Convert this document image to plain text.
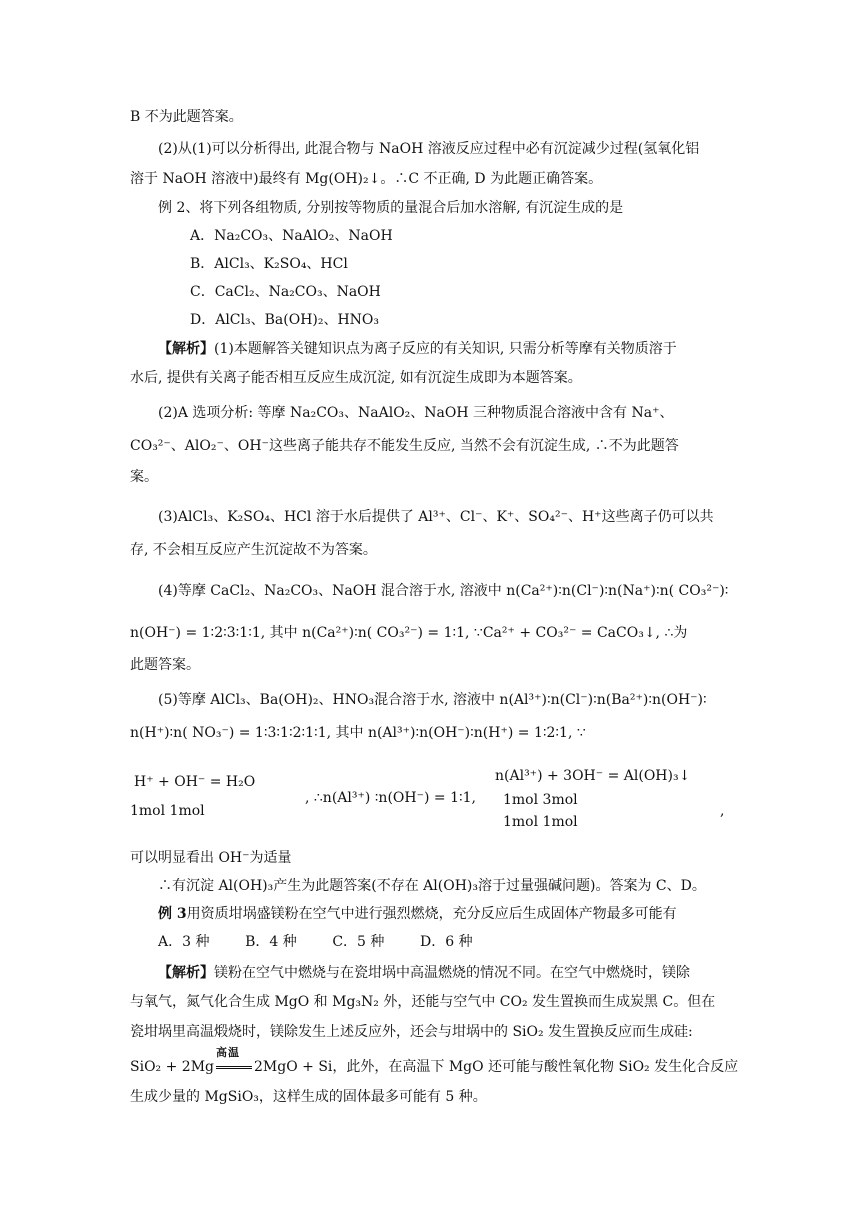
B 不为此题答案。
(2)从(1)可以分析得出, 此混合物与 NaOH 溶液反应过程中必有沉淀减少过程(氢氧化铝
溶于 NaOH 溶液中)最终有 Mg(OH)₂↓。∴C 不正确, D 为此题正确答案。
例 2、将下列各组物质, 分别按等物质的量混合后加水溶解, 有沉淀生成的是
A．Na₂CO₃、NaAlO₂、NaOH
B．AlCl₃、K₂SO₄、HCl
C．CaCl₂、Na₂CO₃、NaOH
D．AlCl₃、Ba(OH)₂、HNO₃
【解析】(1)本题解答关键知识点为离子反应的有关知识, 只需分析等摩有关物质溶于
水后, 提供有关离子能否相互反应生成沉淀, 如有沉淀生成即为本题答案。
(2)A 选项分析: 等摩 Na₂CO₃、NaAlO₂、NaOH 三种物质混合溶液中含有 Na⁺、
CO₃²⁻、AlO₂⁻、OH⁻这些离子能共存不能发生反应, 当然不会有沉淀生成, ∴不为此题答
案。
(3)AlCl₃、K₂SO₄、HCl 溶于水后提供了 Al³⁺、Cl⁻、K⁺、SO₄²⁻、H⁺这些离子仍可以共
存, 不会相互反应产生沉淀故不为答案。
(4)等摩 CaCl₂、Na₂CO₃、NaOH 混合溶于水, 溶液中 n(Ca²⁺)∶n(Cl⁻)∶n(Na⁺)∶n( CO₃²⁻)∶
n(OH⁻) = 1∶2∶3∶1∶1, 其中 n(Ca²⁺)∶n( CO₃²⁻) = 1∶1, ∵Ca²⁺ + CO₃²⁻ = CaCO₃↓, ∴为
此题答案。
(5)等摩 AlCl₃、Ba(OH)₂、HNO₃混合溶于水, 溶液中 n(Al³⁺)∶n(Cl⁻)∶n(Ba²⁺)∶n(OH⁻)∶
n(H⁺)∶n( NO₃⁻) = 1∶3∶1∶2∶1∶1, 其中 n(Al³⁺)∶n(OH⁻)∶n(H⁺) = 1∶2∶1, ∵
H⁺ + OH⁻ = H₂O
1mol 1mol
, ∴n(Al³⁺) ∶n(OH⁻) = 1∶1,
n(Al³⁺) + 3OH⁻ = Al(OH)₃↓
1mol 3mol
1mol 1mol
,
可以明显看出 OH⁻为适量
∴有沉淀 Al(OH)₃产生为此题答案(不存在 Al(OH)₃溶于过量强碱问题)。答案为 C、D。
例 3用资质坩埚盛镁粉在空气中进行强烈燃烧，充分反应后生成固体产物最多可能有
A．3 种        B．4 种        C．5 种        D．6 种
【解析】镁粉在空气中燃烧与在瓷坩埚中高温燃烧的情况不同。在空气中燃烧时，镁除
与氧气，氮气化合生成 MgO 和 Mg₃N₂ 外，还能与空气中 CO₂ 发生置换而生成炭黑 C。但在
瓷坩埚里高温煅烧时，镁除发生上述反应外，还会与坩埚中的 SiO₂ 发生置换反应而生成硅:
SiO₂ + 2Mg
高温
2MgO + Si，此外，在高温下 MgO 还可能与酸性氧化物 SiO₂ 发生化合反应
生成少量的 MgSiO₃，这样生成的固体最多可能有 5 种。
